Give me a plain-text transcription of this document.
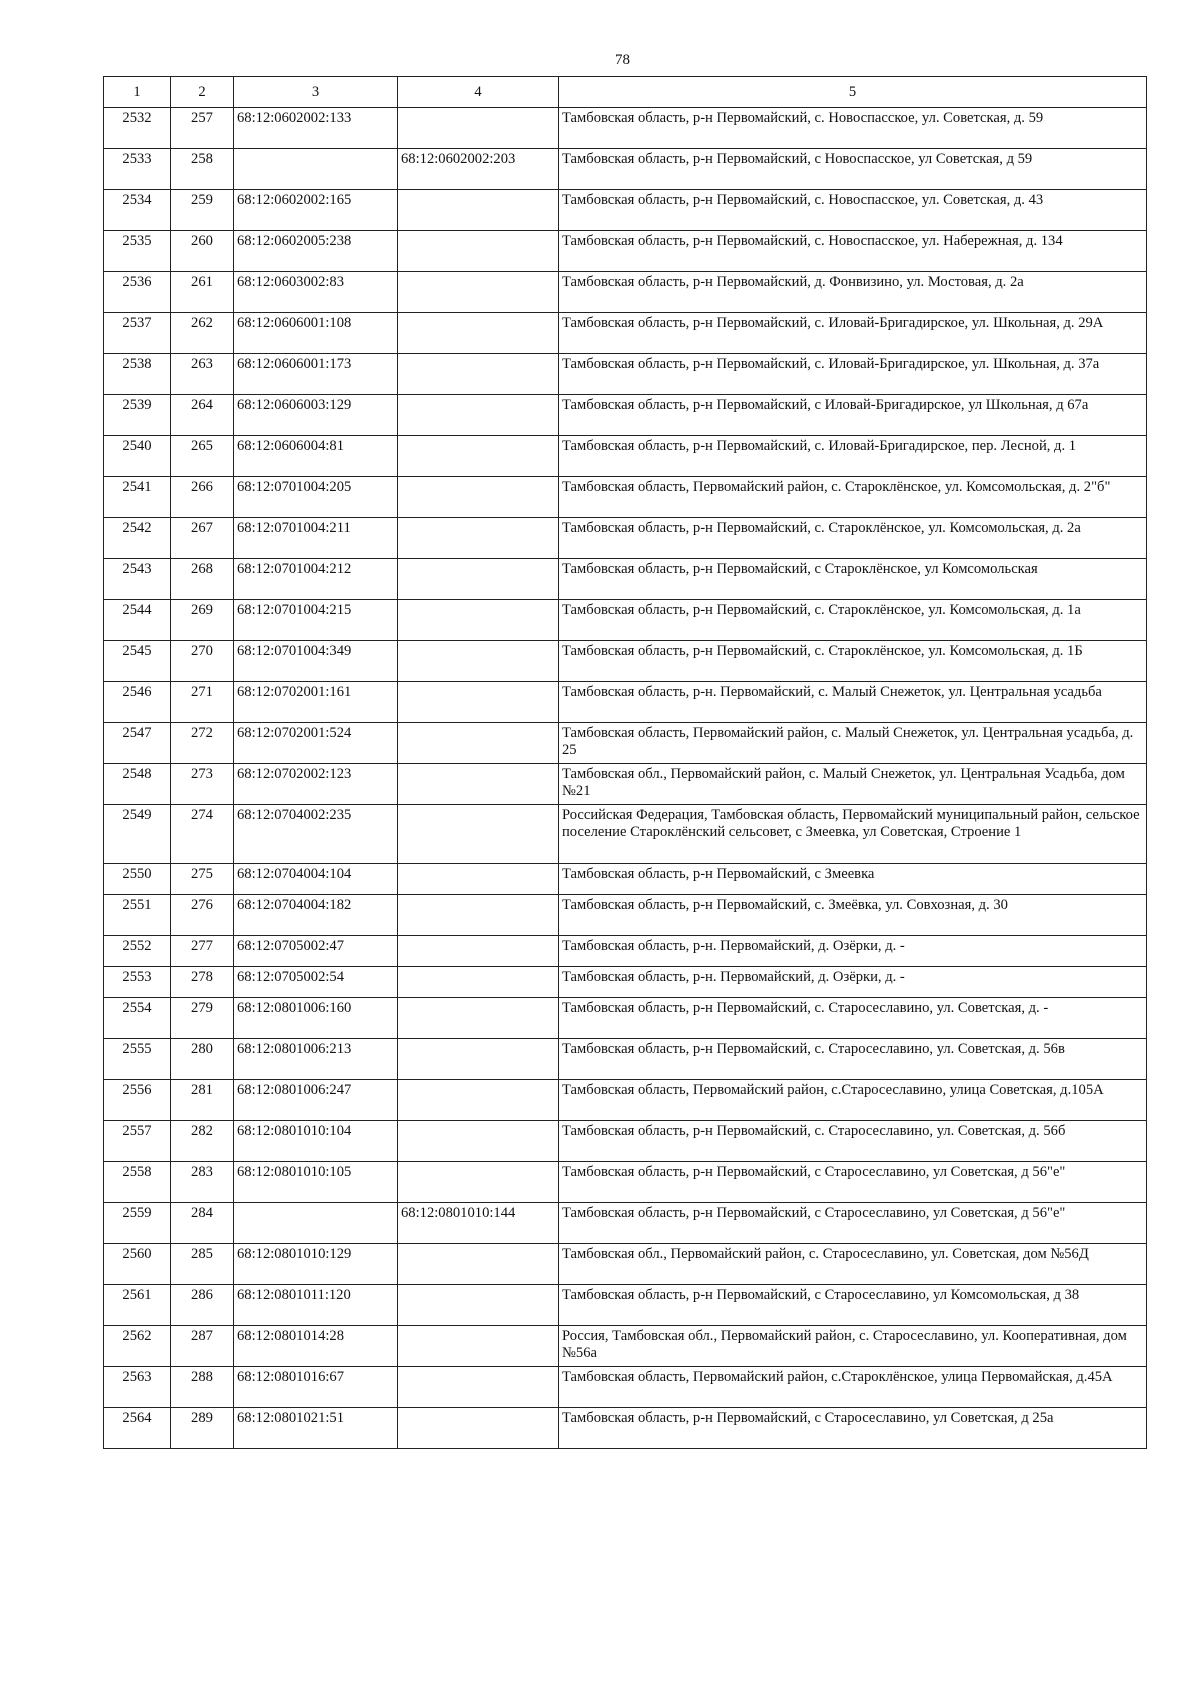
78
1	2	3	4	5
2532	257	68:12:0602002:133		Тамбовская область, р-н Первомайский, с. Новоспасское, ул. Советская, д. 59
2533	258		68:12:0602002:203	Тамбовская область, р-н Первомайский, с Новоспасское, ул Советская, д 59
2534	259	68:12:0602002:165		Тамбовская область, р-н Первомайский, с. Новоспасское, ул. Советская, д. 43
2535	260	68:12:0602005:238		Тамбовская область, р-н Первомайский, с. Новоспасское, ул. Набережная, д. 134
2536	261	68:12:0603002:83		Тамбовская область, р-н Первомайский, д. Фонвизино, ул. Мостовая, д. 2а
2537	262	68:12:0606001:108		Тамбовская область, р-н Первомайский, с. Иловай-Бригадирское, ул. Школьная, д. 29А
2538	263	68:12:0606001:173		Тамбовская область, р-н Первомайский, с. Иловай-Бригадирское, ул. Школьная, д. 37а
2539	264	68:12:0606003:129		Тамбовская область, р-н Первомайский, с Иловай-Бригадирское, ул Школьная, д 67а
2540	265	68:12:0606004:81		Тамбовская область, р-н Первомайский, с. Иловай-Бригадирское, пер. Лесной, д. 1
2541	266	68:12:0701004:205		Тамбовская область, Первомайский район, с. Староклёнское, ул. Комсомольская, д. 2"б"
2542	267	68:12:0701004:211		Тамбовская область, р-н Первомайский, с. Староклёнское, ул. Комсомольская, д. 2а
2543	268	68:12:0701004:212		Тамбовская область, р-н Первомайский, с Староклёнское, ул Комсомольская
2544	269	68:12:0701004:215		Тамбовская область, р-н Первомайский, с. Староклёнское, ул. Комсомольская, д. 1а
2545	270	68:12:0701004:349		Тамбовская область, р-н Первомайский, с. Староклёнское, ул. Комсомольская, д. 1Б
2546	271	68:12:0702001:161		Тамбовская область, р-н. Первомайский, с. Малый Снежеток, ул. Центральная усадьба
2547	272	68:12:0702001:524		Тамбовская область, Первомайский район, с. Малый Снежеток, ул. Центральная усадьба, д. 25
2548	273	68:12:0702002:123		Тамбовская обл., Первомайский район, с. Малый Снежеток, ул. Центральная Усадьба, дом №21
2549	274	68:12:0704002:235		Российская Федерация, Тамбовская область, Первомайский муниципальный район, сельское поселение Староклёнский сельсовет, с Змеевка, ул Советская, Строение 1
2550	275	68:12:0704004:104		Тамбовская область, р-н Первомайский, с Змеевка
2551	276	68:12:0704004:182		Тамбовская область, р-н Первомайский, с. Змеёвка, ул. Совхозная, д. 30
2552	277	68:12:0705002:47		Тамбовская область, р-н. Первомайский, д. Озёрки, д. -
2553	278	68:12:0705002:54		Тамбовская область, р-н. Первомайский, д. Озёрки, д. -
2554	279	68:12:0801006:160		Тамбовская область, р-н Первомайский, с. Старосеславино, ул. Советская, д. -
2555	280	68:12:0801006:213		Тамбовская область, р-н Первомайский, с. Старосеславино, ул. Советская, д. 56в
2556	281	68:12:0801006:247		Тамбовская область, Первомайский район, с.Старосеславино, улица Советская, д.105А
2557	282	68:12:0801010:104		Тамбовская область, р-н Первомайский, с. Старосеславино, ул. Советская, д. 56б
2558	283	68:12:0801010:105		Тамбовская область, р-н Первомайский, с Старосеславино, ул Советская, д 56"е"
2559	284		68:12:0801010:144	Тамбовская область, р-н Первомайский, с Старосеславино, ул Советская, д 56"е"
2560	285	68:12:0801010:129		Тамбовская обл., Первомайский район, с. Старосеславино, ул. Советская, дом №56Д
2561	286	68:12:0801011:120		Тамбовская область, р-н Первомайский, с Старосеславино, ул Комсомольская, д 38
2562	287	68:12:0801014:28		Россия, Тамбовская обл., Первомайский район, с. Старосеславино, ул. Кооперативная, дом №56а
2563	288	68:12:0801016:67		Тамбовская область, Первомайский район, с.Староклёнское, улица Первомайская, д.45А
2564	289	68:12:0801021:51		Тамбовская область, р-н Первомайский, с Старосеславино, ул Советская, д 25а
